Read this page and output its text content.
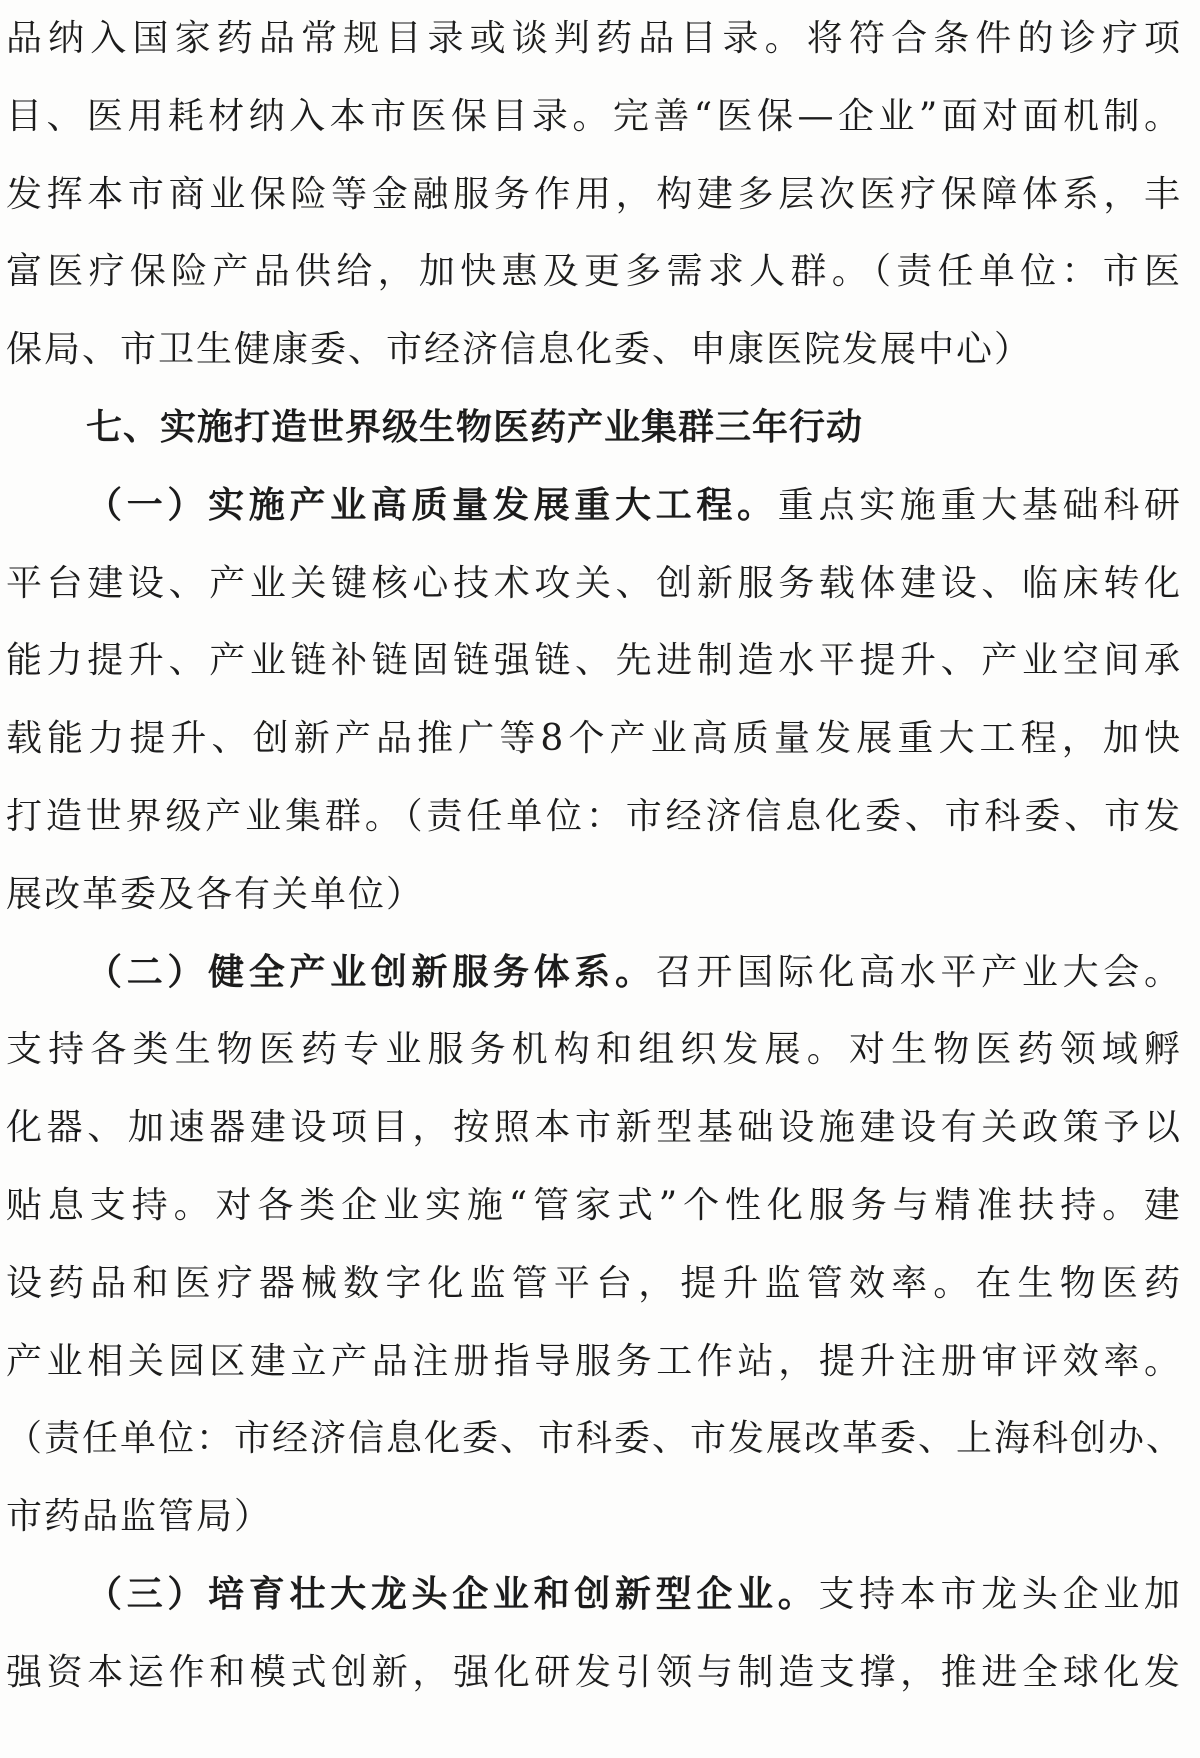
品纳入国家药品常规目录或谈判药品目录。将符合条件的诊疗项
目、医用耗材纳入本市医保目录。完善“医保—企业”面对面机制。
发挥本市商业保险等金融服务作用，构建多层次医疗保障体系，丰
富医疗保险产品供给，加快惠及更多需求人群。（责任单位：市医
保局、市卫生健康委、市经济信息化委、申康医院发展中心）
七、实施打造世界级生物医药产业集群三年行动
（一）实施产业高质量发展重大工程。重点实施重大基础科研
平台建设、产业关键核心技术攻关、创新服务载体建设、临床转化
能力提升、产业链补链固链强链、先进制造水平提升、产业空间承
载能力提升、创新产品推广等8个产业高质量发展重大工程，加快
打造世界级产业集群。（责任单位：市经济信息化委、市科委、市发
展改革委及各有关单位）
（二）健全产业创新服务体系。召开国际化高水平产业大会。
支持各类生物医药专业服务机构和组织发展。对生物医药领域孵
化器、加速器建设项目，按照本市新型基础设施建设有关政策予以
贴息支持。对各类企业实施“管家式”个性化服务与精准扶持。建
设药品和医疗器械数字化监管平台，提升监管效率。在生物医药
产业相关园区建立产品注册指导服务工作站，提升注册审评效率。
（责任单位：市经济信息化委、市科委、市发展改革委、上海科创办、
市药品监管局）
（三）培育壮大龙头企业和创新型企业。支持本市龙头企业加
强资本运作和模式创新，强化研发引领与制造支撑，推进全球化发
